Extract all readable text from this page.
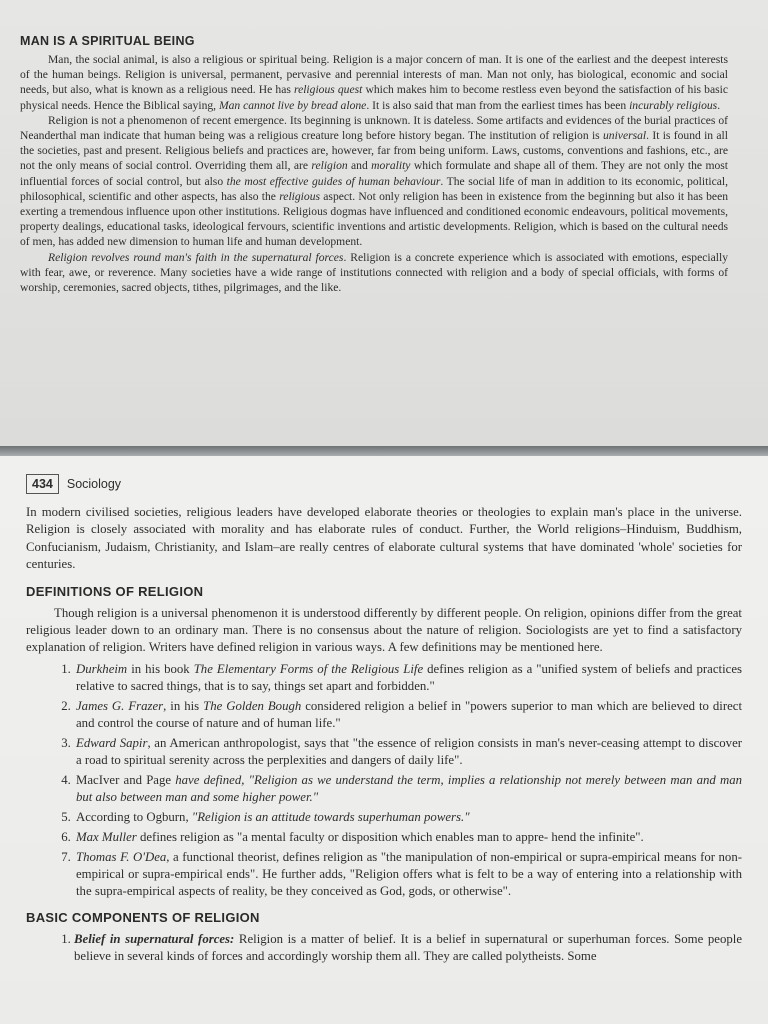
MAN IS A SPIRITUAL BEING

Man, the social animal, is also a religious or spiritual being. Religion is a major concern of man. It is one of the earliest and the deepest interests of the human beings. Religion is universal, permanent, pervasive and perennial interests of man. Man not only, has biological, economic and social needs, but also, what is known as a religious need. He has religious quest which makes him to become restless even beyond the satisfaction of his basic physical needs. Hence the Biblical saying, Man cannot live by bread alone. It is also said that man from the earliest times has been incurably religious.

Religion is not a phenomenon of recent emergence. Its beginning is unknown. It is dateless. Some artifacts and evidences of the burial practices of Neanderthal man indicate that human being was a religious creature long before history began. The institution of religion is universal. It is found in all the societies, past and present. Religious beliefs and practices are, however, far from being uniform. Laws, customs, conventions and fashions, etc., are not the only means of social control. Overriding them all, are religion and morality which formulate and shape all of them. They are not only the most influential forces of social control, but also the most effective guides of human behaviour. The social life of man in addition to its economic, political, philosophical, scientific and other aspects, has also the religious aspect. Not only religion has been in existence from the beginning but also it has been exerting a tremendous influence upon other institutions. Religious dogmas have influenced and conditioned economic endeavours, political movements, property dealings, educational tasks, ideological fervours, scientific inventions and artistic developments. Religion, which is based on the cultural needs of men, has added new dimension to human life and human development.

Religion revolves round man's faith in the supernatural forces. Religion is a concrete experience which is associated with emotions, especially with fear, awe, or reverence. Many societies have a wide range of institutions connected with religion and a body of special officials, with forms of worship, ceremonies, sacred objects, tithes, pilgrimages, and the like.

434	Sociology

In modern civilised societies, religious leaders have developed elaborate theories or theologies to explain man's place in the universe. Religion is closely associated with morality and has elaborate rules of conduct. Further, the World religions–Hinduism, Buddhism, Confucianism, Judaism, Christianity, and Islam–are really centres of elaborate cultural systems that have dominated 'whole' societies for centuries.

DEFINITIONS OF RELIGION

Though religion is a universal phenomenon it is understood differently by different people. On religion, opinions differ from the great religious leader down to an ordinary man. There is no consensus about the nature of religion. Sociologists are yet to find a satisfactory explanation of religion. Writers have defined religion in various ways. A few definitions may be mentioned here.

1. Durkheim in his book The Elementary Forms of the Religious Life defines religion as a "unified system of beliefs and practices relative to sacred things, that is to say, things set apart and forbidden."
2. James G. Frazer, in his The Golden Bough considered religion a belief in "powers superior to man which are believed to direct and control the course of nature and of human life."
3. Edward Sapir, an American anthropologist, says that "the essence of religion consists in man's never-ceasing attempt to discover a road to spiritual serenity across the perplexities and dangers of daily life".
4. MacIver and Page have defined, "Religion as we understand the term, implies a relationship not merely between man and man but also between man and some higher power."
5. According to Ogburn, "Religion is an attitude towards superhuman powers."
6. Max Muller defines religion as "a mental faculty or disposition which enables man to appre- hend the infinite".
7. Thomas F. O'Dea, a functional theorist, defines religion as "the manipulation of non-empirical or supra-empirical means for non-empirical or supra-empirical ends". He further adds, "Religion offers what is felt to be a way of entering into a relationship with the supra-empirical aspects of reality, be they conceived as God, gods, or otherwise".
BASIC COMPONENTS OF RELIGION
1. Belief in supernatural forces: Religion is a matter of belief. It is a belief in supernatural or superhuman forces. Some people believe in several kinds of forces and accordingly worship them all. They are called polytheists. Some
